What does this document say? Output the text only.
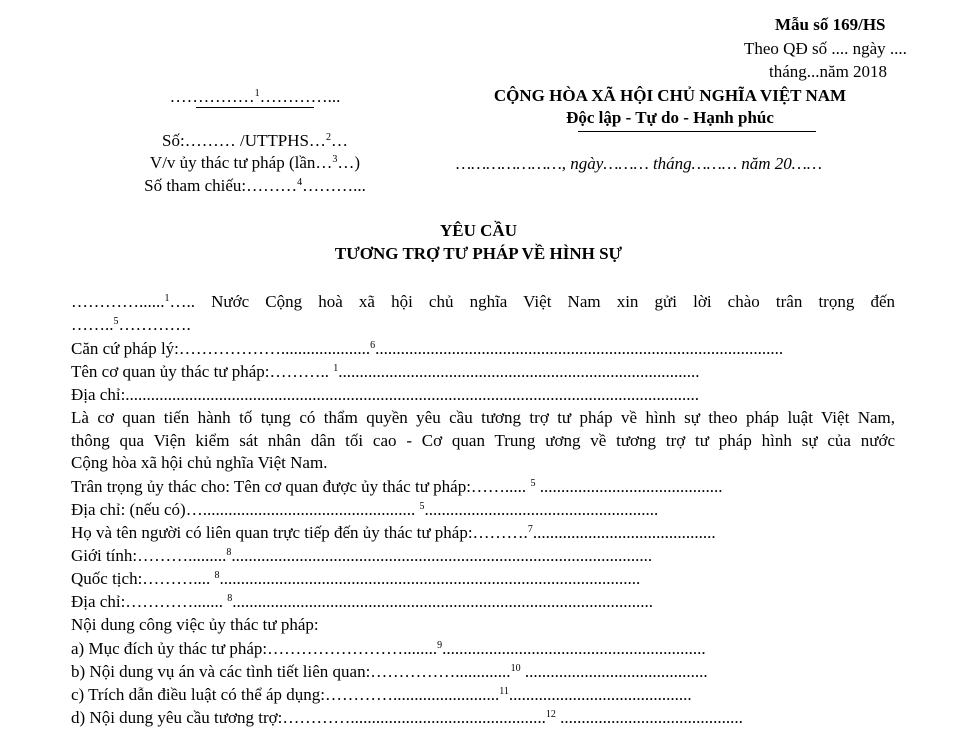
Mẫu số 169/HS
Theo QĐ số .... ngày ....
tháng...năm 2018
……………$^1$…………...
Số:……… /UTTPHS…$^2$…
V/v ủy thác tư pháp (lần…$^3$…)
Số tham chiếu:………$^4$………...
CỘNG HÒA XÃ HỘI CHỦ NGHĨA VIỆT NAM
Độc lập - Tự do - Hạnh phúc
…………………, ngày……… tháng……… năm 20……
YÊU CẦU
TƯƠNG TRỢ TƯ PHÁP VỀ HÌNH SỰ
…………......$^1$….. Nước Cộng hoà xã hội chủ nghĩa Việt Nam xin gửi lời chào trân trọng đến
……..$^5$………….
Căn cứ pháp lý:……………….....................$^6$................................................................................................
Tên cơ quan ủy thác tư pháp:……….. $^1$.....................................................................................
Địa chỉ:.......................................................................................................................................
Là cơ quan tiến hành tố tụng có thẩm quyền yêu cầu tương trợ tư pháp về hình sự theo pháp luật Việt Nam,
thông qua Viện kiểm sát nhân dân tối cao - Cơ quan Trung ương về tương trợ tư pháp hình sự của nước
Cộng hòa xã hội chủ nghĩa Việt Nam.
Trân trọng ủy thác cho: Tên cơ quan được ủy thác tư pháp:……..... $^5$ ...........................................
Địa chỉ: (nếu có)….................................................. $^5$.......................................................
Họ và tên người có liên quan trực tiếp đến ủy thác tư pháp:……….$^7$...........................................
Giới tính:……….........$^8$...................................................................................................
Quốc tịch:……….... $^8$...................................................................................................
Địa chỉ:…………....... $^8$...................................................................................................
Nội dung công việc ủy thác tư pháp:
a) Mục đích ủy thác tư pháp:……………………........$^9$..............................................................
b) Nội dung vụ án và các tình tiết liên quan:…………….............$^{10}$ ...........................................
c) Trích dẫn điều luật có thể áp dụng:………….........................$^{11}$...........................................
d) Nội dung yêu cầu tương trợ:…………..............................................$^{12}$ ...........................................
